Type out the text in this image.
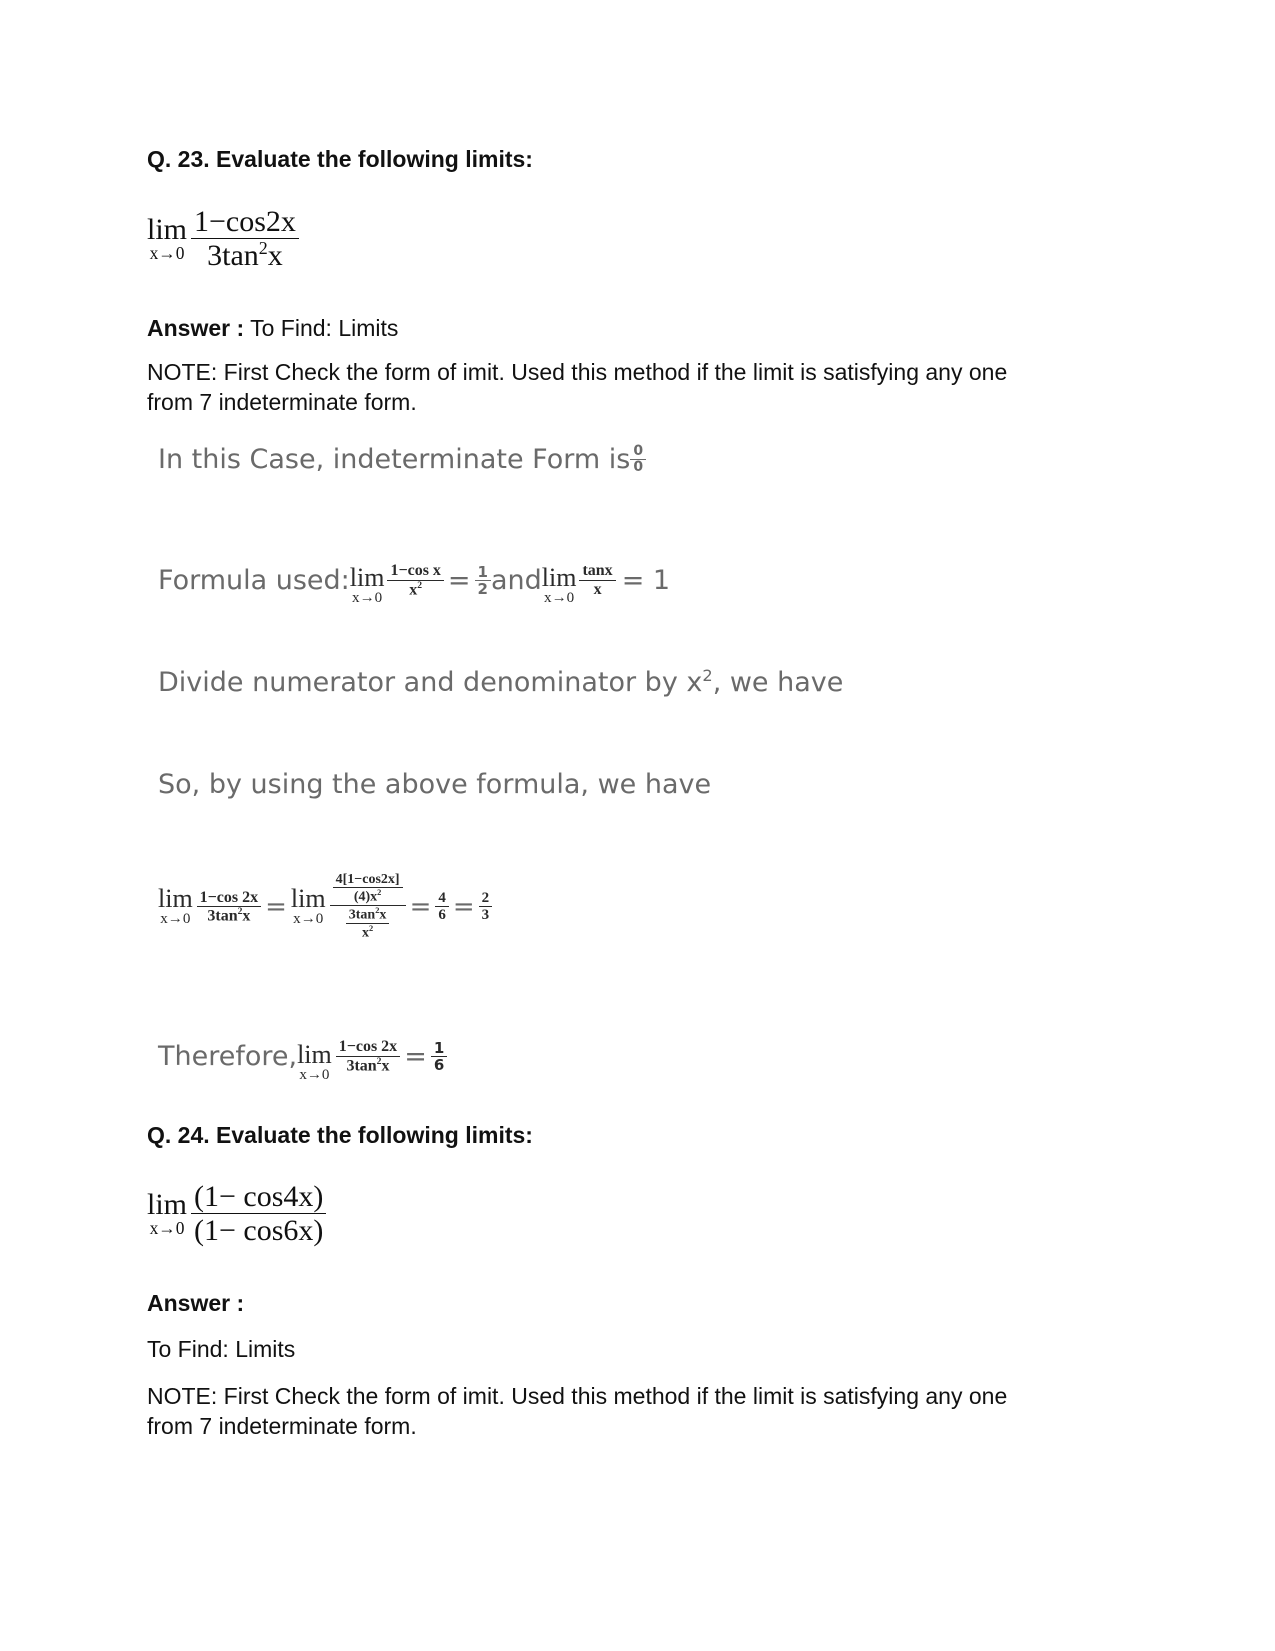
Q. 23. Evaluate the following limits:
lim
$x\to 0 \frac{1-\cos 2x}{3\tan^2x}$
Answer : To Find: Limits
NOTE: First Check the form of imit. Used this method if the limit is satisfying any one
from 7 indeterminate form.
In this Case, indeterminate Form is $\frac{0}{0}$
Formula used: lim
$x\to 0 \frac{\text{1−cos x}}{x^2} = \frac{1}{2}$ and lim
$x\to 0 \frac{\tan x}{x} = 1$
Divide numerator and denominator by $x^2$, we have
So, by using the above formula, we have
lim
$x\to 0 \frac{1-\cos 2x}{3\tan^2x} = \lim$
$x\to 0 \frac{\frac{4[1-\cos 2x]}{(4)x^2}}{\frac{3\tan^2x}{x^2}} = \frac{4}{6} = \frac{2}{3}$
Therefore, lim
x→0
$\frac{1-\cos 2x}{3\tan^2x} = \frac{1}{6}$
Q. 24. Evaluate the following limits:
lim
$x\to 0 \frac{(1- \cos 4x)}{(1- \cos 6x)}$
Answer :
To Find: Limits
NOTE: First Check the form of imit. Used this method if the limit is satisfying any one
from 7 indeterminate form.
